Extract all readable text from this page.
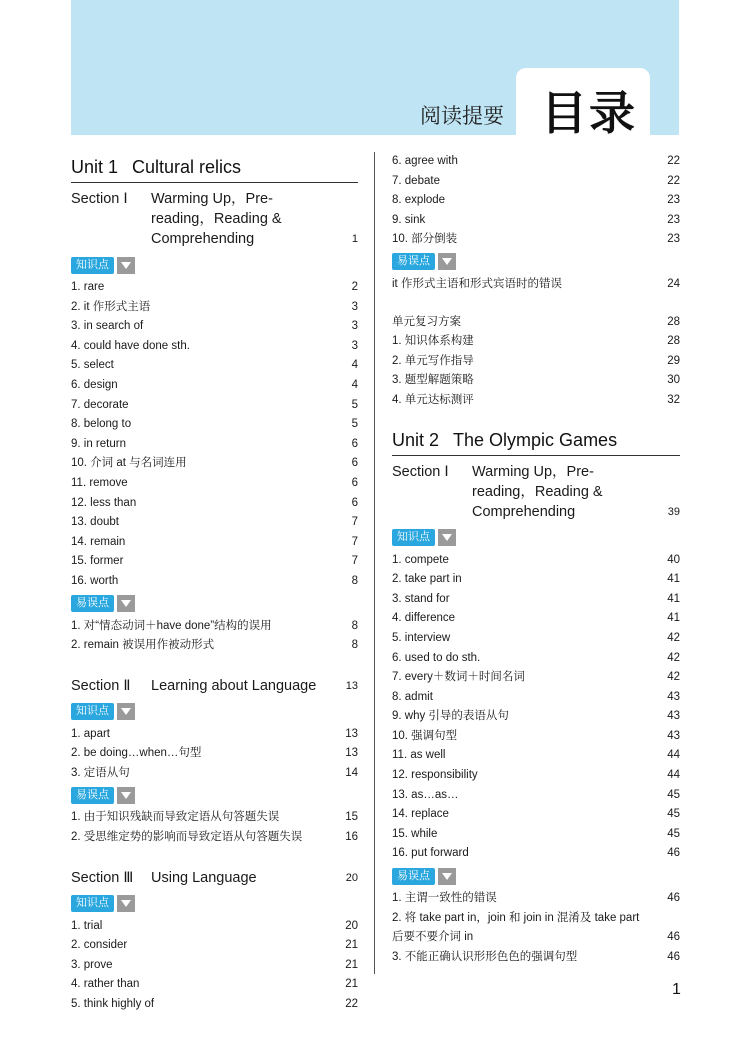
阅读提要 目录
Unit 1 Cultural relics
Section Ⅰ Warming Up，Pre-reading，Reading & Comprehending	1
知识点
1. rare	2
2. it 作形式主语	3
3. in search of	3
4. could have done sth.	3
5. select	4
6. design	4
7. decorate	5
8. belong to	5
9. in return	6
10. 介词 at 与名词连用	6
11. remove	6
12. less than	6
13. doubt	7
14. remain	7
15. former	7
16. worth	8
易误点
1. 对“情态动词＋have done”结构的误用	8
2. remain 被误用作被动形式	8
Section Ⅱ Learning about Language	13
知识点
1. apart	13
2. be doing…when…句型	13
3. 定语从句	14
易误点
1. 由于知识残缺而导致定语从句答题失误	15
2. 受思维定势的影响而导致定语从句答题失误	16
Section Ⅲ Using Language	20
知识点
1. trial	20
2. consider	21
3. prove	21
4. rather than	21
5. think highly of	22
6. agree with	22
7. debate	22
8. explode	23
9. sink	23
10. 部分倒装	23
易误点
it 作形式主语和形式宾语时的错误	24
单元复习方案	28
1. 知识体系构建	28
2. 单元写作指导	29
3. 题型解题策略	30
4. 单元达标测评	32
Unit 2 The Olympic Games
Section Ⅰ Warming Up，Pre-reading，Reading & Comprehending	39
知识点
1. compete	40
2. take part in	41
3. stand for	41
4. difference	41
5. interview	42
6. used to do sth.	42
7. every＋数词＋时间名词	42
8. admit	43
9. why 引导的表语从句	43
10. 强调句型	43
11. as well	44
12. responsibility	44
13. as…as…	45
14. replace	45
15. while	45
16. put forward	46
易误点
1. 主谓一致性的错误	46
2. 将 take part in，join 和 join in 混淆及 take part 后要不要介词 in	46
3. 不能正确认识形形色色的强调句型	46
1
